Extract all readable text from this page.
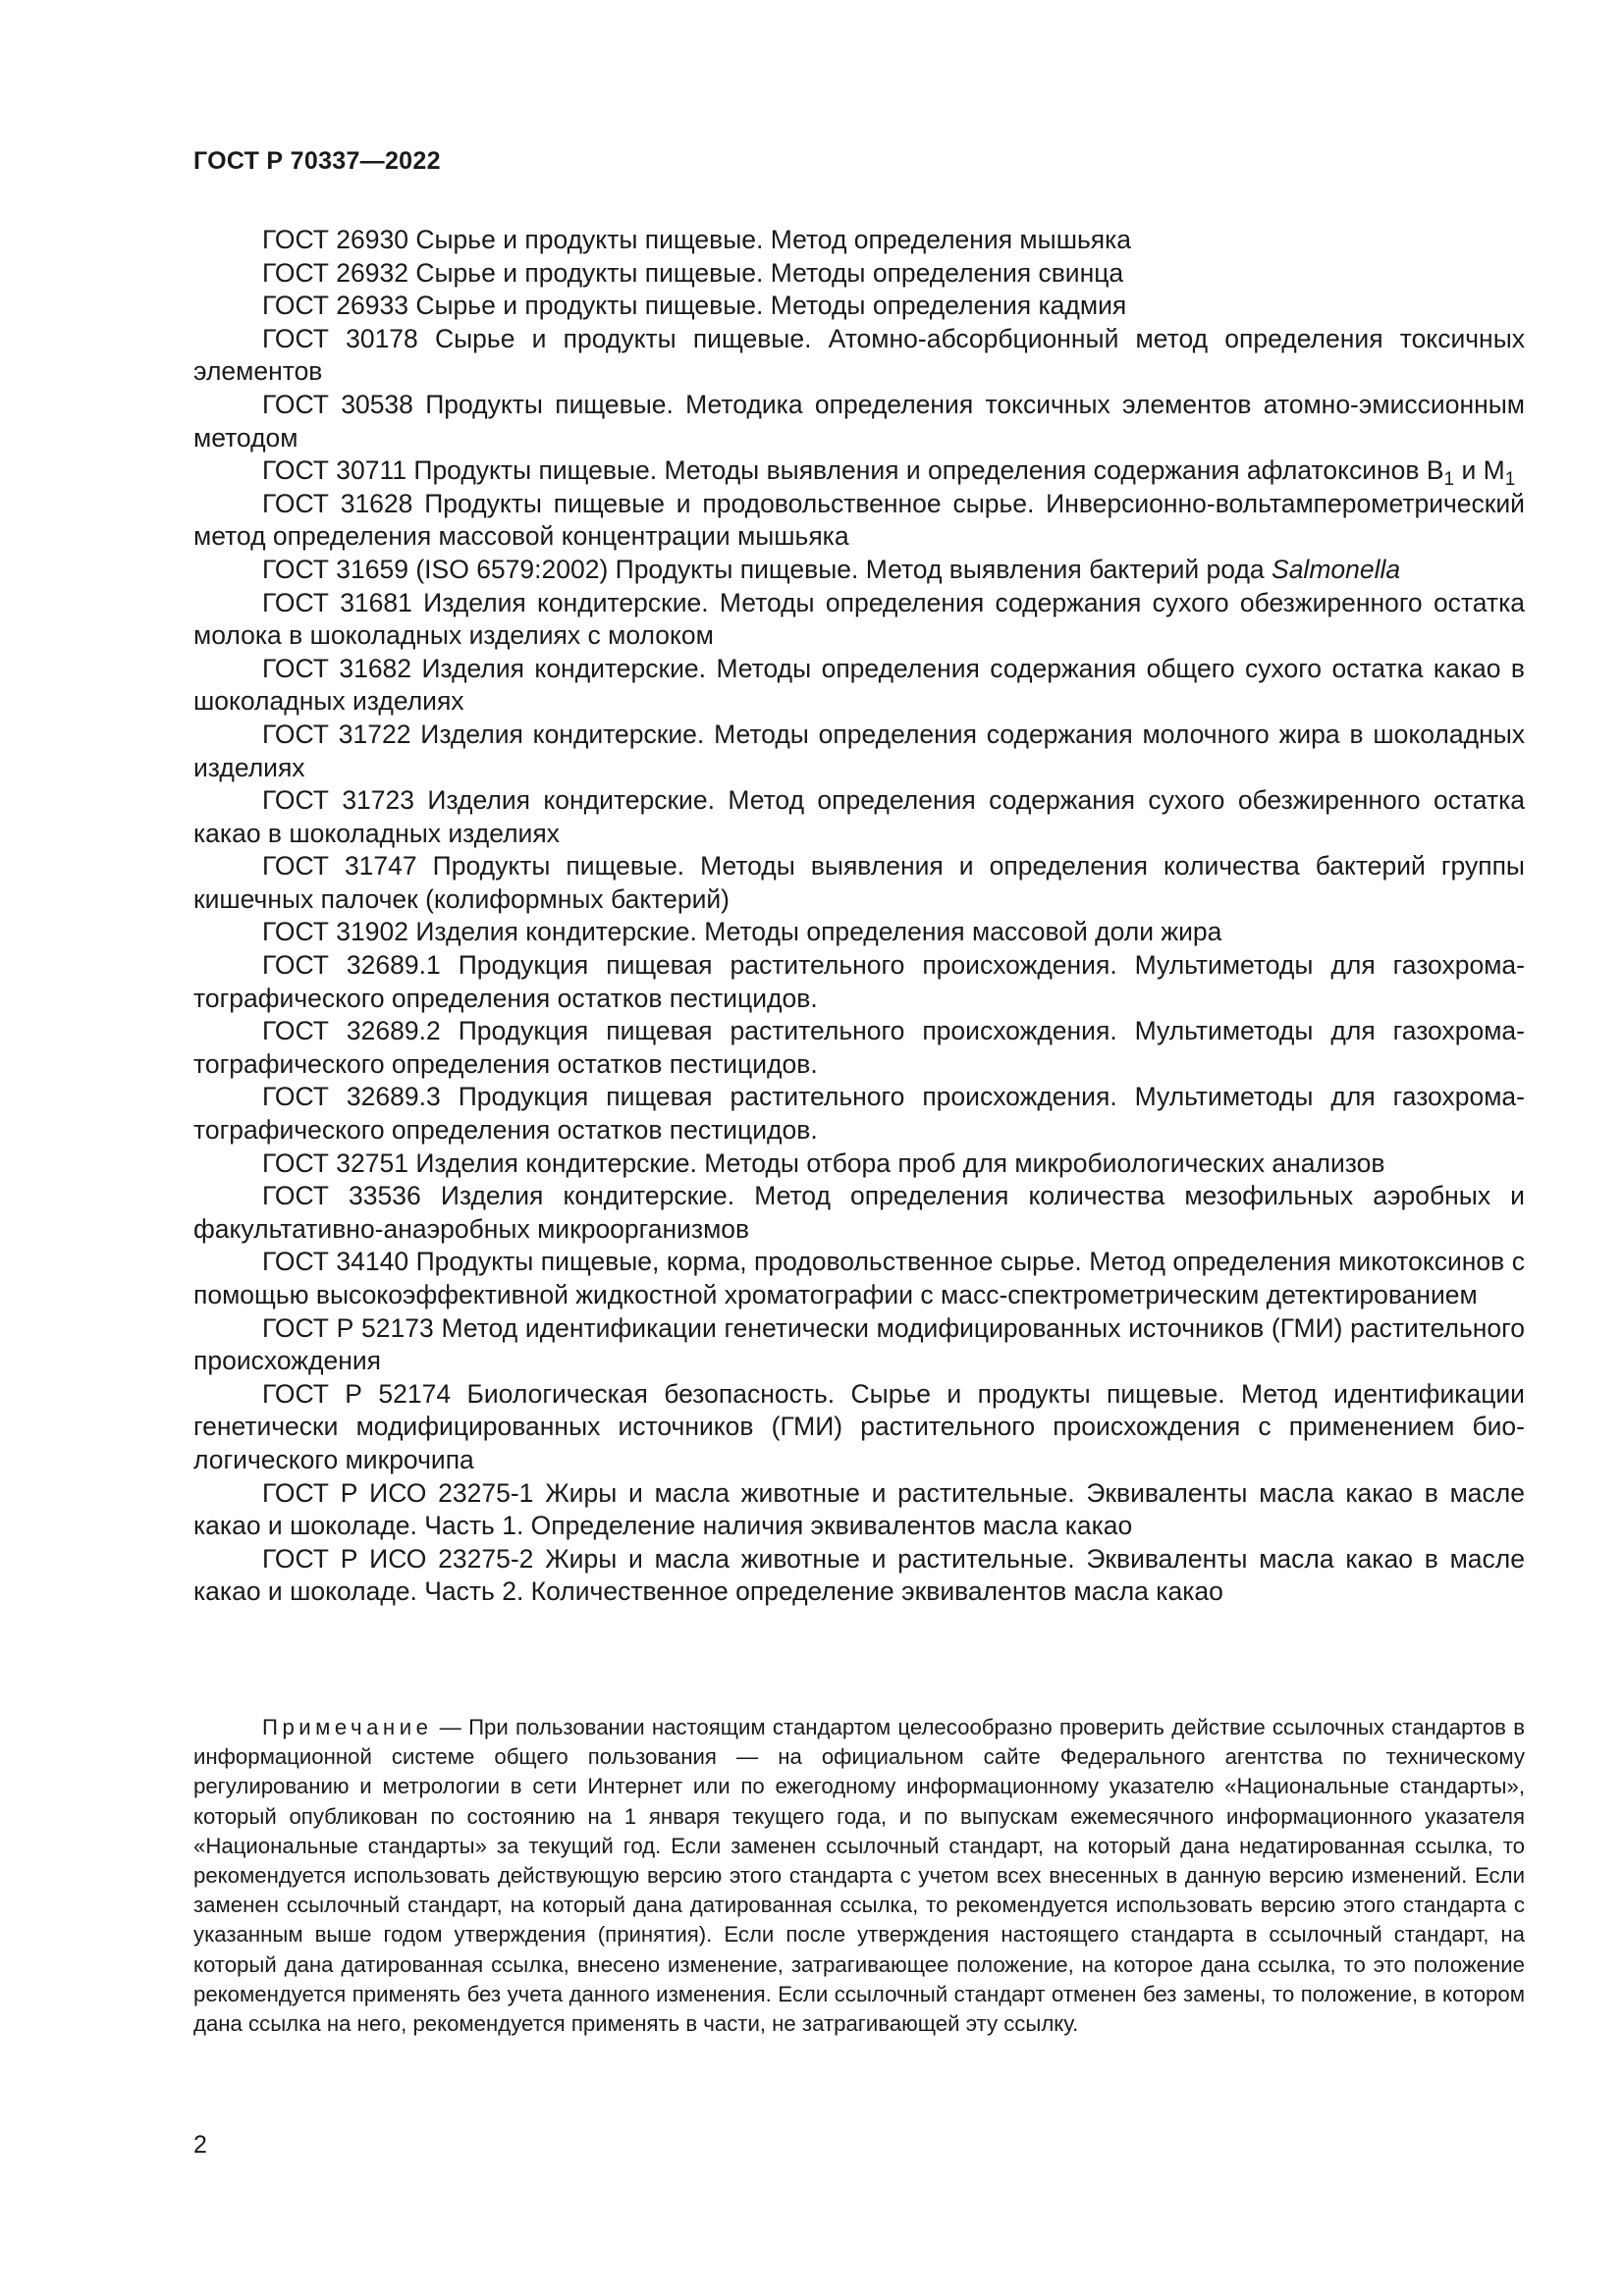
ГОСТ Р 70337—2022

ГОСТ 26930 Сырье и продукты пищевые. Метод определения мышьяка

ГОСТ 26932 Сырье и продукты пищевые. Методы определения свинца

ГОСТ 26933 Сырье и продукты пищевые. Методы определения кадмия

ГОСТ 30178 Сырье и продукты пищевые. Атомно-абсорбционный метод определения токсичных элементов

ГОСТ 30538 Продукты пищевые. Методика определения токсичных элементов атомно-эмиссионным методом

ГОСТ 30711 Продукты пищевые. Методы выявления и определения содержания афлатоксинов $B_1$ и $M_1$

ГОСТ 31628 Продукты пищевые и продовольственное сырье. Инверсионно-вольтамперометрический метод определения массовой концентрации мышьяка

ГОСТ 31659 (ISO 6579:2002) Продукты пищевые. Метод выявления бактерий рода Salmonella

ГОСТ 31681 Изделия кондитерские. Методы определения содержания сухого обезжиренного остатка молока в шоколадных изделиях с молоком

ГОСТ 31682 Изделия кондитерские. Методы определения содержания общего сухого остатка какао в шоколадных изделиях

ГОСТ 31722 Изделия кондитерские. Методы определения содержания молочного жира в шоколадных изделиях

ГОСТ 31723 Изделия кондитерские. Метод определения содержания сухого обезжиренного остатка какао в шоколадных изделиях

ГОСТ 31747 Продукты пищевые. Методы выявления и определения количества бактерий группы кишечных палочек (колиформных бактерий)

ГОСТ 31902 Изделия кондитерские. Методы определения массовой доли жира

ГОСТ 32689.1 Продукция пищевая растительного происхождения. Мультиметоды для газохроматографического определения остатков пестицидов.

ГОСТ 32689.2 Продукция пищевая растительного происхождения. Мультиметоды для газохроматографического определения остатков пестицидов.

ГОСТ 32689.3 Продукция пищевая растительного происхождения. Мультиметоды для газохроматографического определения остатков пестицидов.

ГОСТ 32751 Изделия кондитерские. Методы отбора проб для микробиологических анализов

ГОСТ 33536 Изделия кондитерские. Метод определения количества мезофильных аэробных и факультативно-анаэробных микроорганизмов

ГОСТ 34140 Продукты пищевые, корма, продовольственное сырье. Метод определения микотоксинов с помощью высокоэффективной жидкостной хроматографии с масс-спектрометрическим детектированием

ГОСТ Р 52173 Метод идентификации генетически модифицированных источников (ГМИ) растительного происхождения

ГОСТ Р 52174 Биологическая безопасность. Сырье и продукты пищевые. Метод идентификации генетически модифицированных источников (ГМИ) растительного происхождения с применением биологического микрочипа

ГОСТ Р ИСО 23275-1 Жиры и масла животные и растительные. Эквиваленты масла какао в масле какао и шоколаде. Часть 1. Определение наличия эквивалентов масла какао

ГОСТ Р ИСО 23275-2 Жиры и масла животные и растительные. Эквиваленты масла какао в масле какао и шоколаде. Часть 2. Количественное определение эквивалентов масла какао

Примечание — При пользовании настоящим стандартом целесообразно проверить действие ссылочных стандартов в информационной системе общего пользования — на официальном сайте Федерального агентства по техническому регулированию и метрологии в сети Интернет или по ежегодному информационному указателю «Национальные стандарты», который опубликован по состоянию на 1 января текущего года, и по выпускам ежемесячного информационного указателя «Национальные стандарты» за текущий год. Если заменен ссылочный стандарт, на который дана недатированная ссылка, то рекомендуется использовать действующую версию этого стандарта с учетом всех внесенных в данную версию изменений. Если заменен ссылочный стандарт, на который дана датированная ссылка, то рекомендуется использовать версию этого стандарта с указанным выше годом утверждения (принятия). Если после утверждения настоящего стандарта в ссылочный стандарт, на который дана датированная ссылка, внесено изменение, затрагивающее положение, на которое дана ссылка, то это положение рекомендуется применять без учета данного изменения. Если ссылочный стандарт отменен без замены, то положение, в котором дана ссылка на него, рекомендуется применять в части, не затрагивающей эту ссылку.

2
